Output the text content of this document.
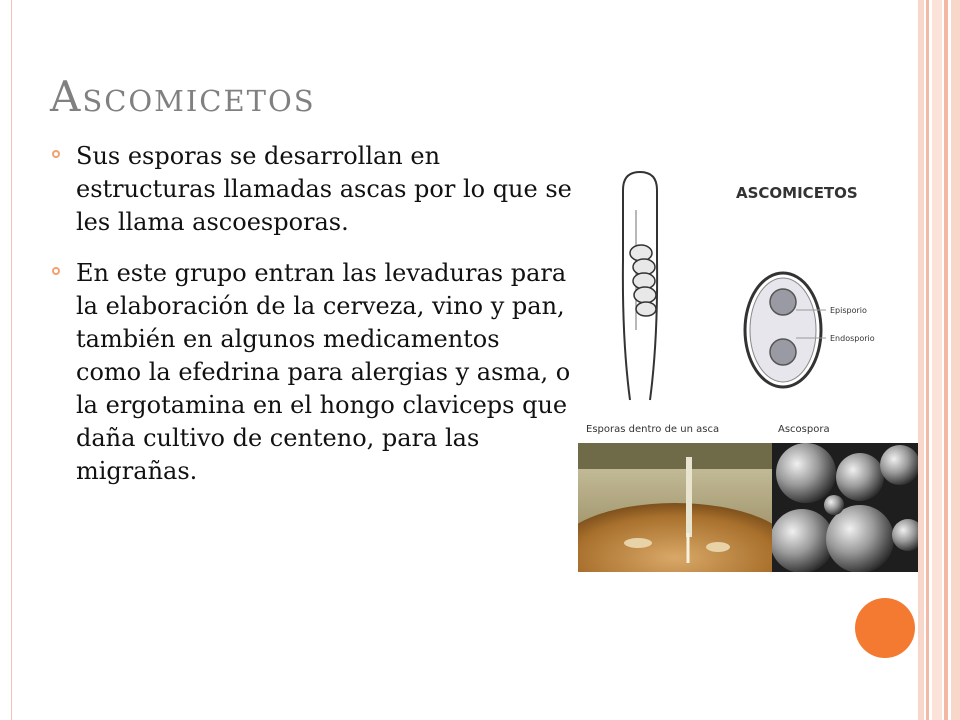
Ascomicetos
Sus esporas se desarrollan en estructuras llamadas ascas por lo que se les llama ascoesporas.
En este grupo entran las levaduras para la elaboración de la cerveza, vino y pan, también en algunos medicamentos como la efedrina para alergias y asma, o la ergotamina en el hongo claviceps que daña cultivo de centeno, para las migrañas.
ASCOMICETOS
Episporio
Endosporio
Esporas dentro de un asca	Ascospora
